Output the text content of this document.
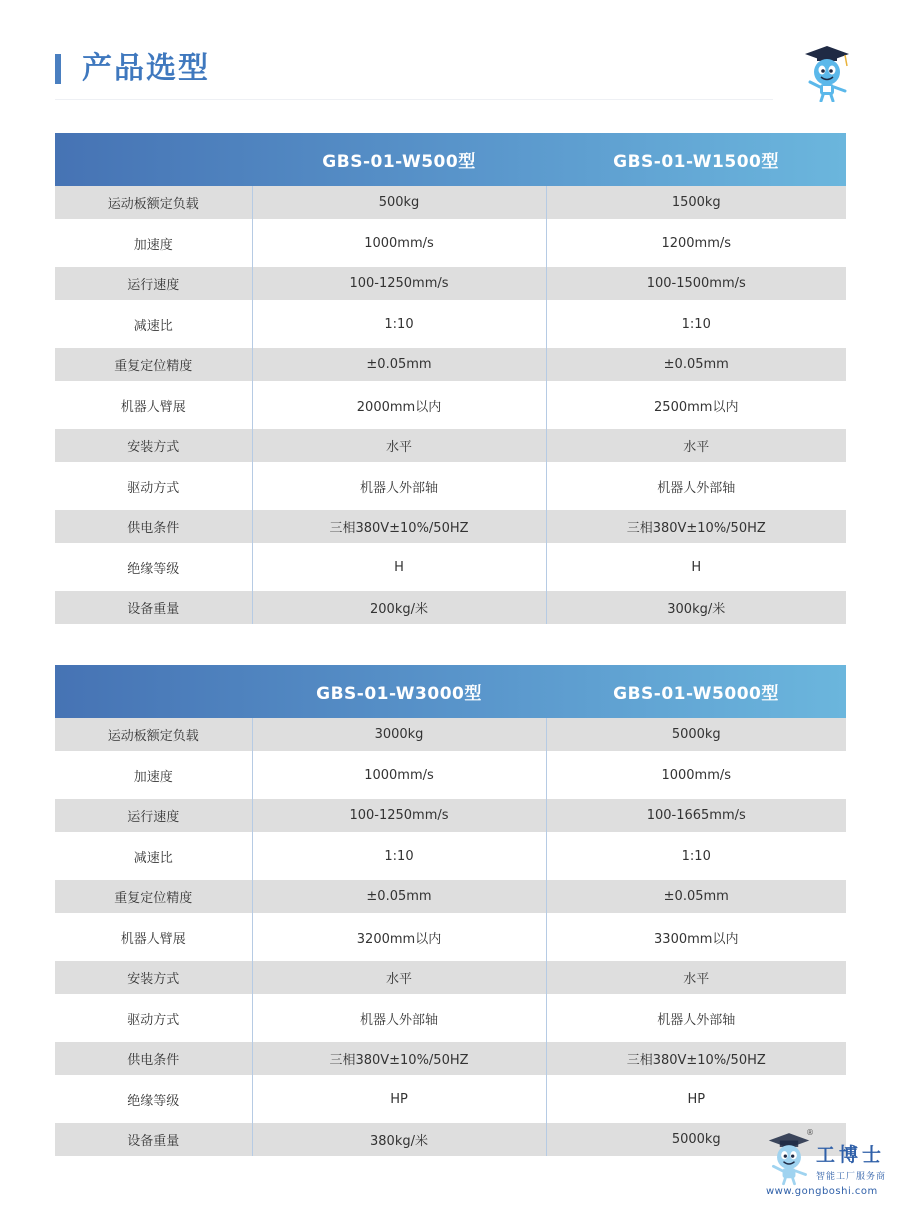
产品选型
	GBS-01-W500型	GBS-01-W1500型
运动板额定负载	500kg	1500kg
加速度	1000mm/s	1200mm/s
运行速度	100-1250mm/s	100-1500mm/s
减速比	1:10	1:10
重复定位精度	±0.05mm	±0.05mm
机器人臂展	2000mm以内	2500mm以内
安装方式	水平	水平
驱动方式	机器人外部轴	机器人外部轴
供电条件	三相380V±10%/50HZ	三相380V±10%/50HZ
绝缘等级	H	H
设备重量	200kg/米	300kg/米
	GBS-01-W3000型	GBS-01-W5000型
运动板额定负载	3000kg	5000kg
加速度	1000mm/s	1000mm/s
运行速度	100-1250mm/s	100-1665mm/s
减速比	1:10	1:10
重复定位精度	±0.05mm	±0.05mm
机器人臂展	3200mm以内	3300mm以内
安装方式	水平	水平
驱动方式	机器人外部轴	机器人外部轴
供电条件	三相380V±10%/50HZ	三相380V±10%/50HZ
绝缘等级	HP	HP
设备重量	380kg/米	5000kg	®
工博士
智能工厂服务商
www.gongboshi.com
